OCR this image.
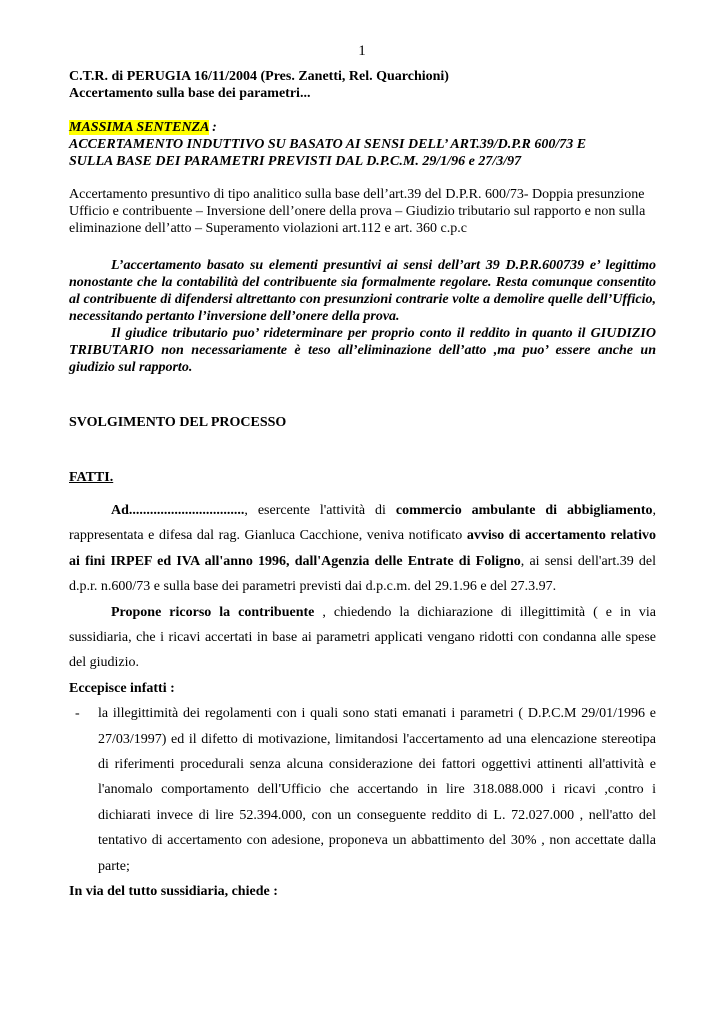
1
C.T.R. di PERUGIA 16/11/2004 (Pres. Zanetti, Rel. Quarchioni)
Accertamento sulla base dei parametri...
MASSIMA SENTENZA :
ACCERTAMENTO INDUTTIVO SU BASATO AI SENSI DELL’ ART.39/D.P.R 600/73 E
SULLA BASE DEI PARAMETRI PREVISTI DAL D.P.C.M. 29/1/96 e 27/3/97
Accertamento presuntivo di tipo analitico sulla base dell’art.39 del D.P.R. 600/73- Doppia presunzione Ufficio e contribuente – Inversione dell’onere della prova – Giudizio tributario sul rapporto e non sulla eliminazione dell’atto – Superamento violazioni art.112 e art. 360 c.p.c

L’accertamento basato su elementi presuntivi ai sensi dell’art 39 D.P.R.600739 e’ legittimo nonostante che la contabilità del contribuente sia formalmente regolare. Resta comunque consentito al contribuente di difendersi altrettanto con presunzioni contrarie volte a demolire quelle dell’Ufficio, necessitando pertanto l’inversione dell’onere della prova.

Il giudice tributario puo’ rideterminare per proprio conto il reddito in quanto il GIUDIZIO TRIBUTARIO non necessariamente è teso all’eliminazione dell’atto ,ma puo’ essere anche un giudizio sul rapporto.

SVOLGIMENTO DEL PROCESSO
FATTI.

Ad................................., esercente l'attività di commercio ambulante di abbigliamento, rappresentata e difesa dal rag. Gianluca Cacchione, veniva notificato avviso di accertamento relativo ai fini IRPEF ed IVA all'anno 1996, dall'Agenzia delle Entrate di Foligno, ai sensi dell'art.39 del d.p.r. n.600/73 e sulla base dei parametri previsti dai d.p.c.m. del 29.1.96 e del 27.3.97.

Propone ricorso la contribuente , chiedendo la dichiarazione di illegittimità ( e in via sussidiaria, che i ricavi accertati in base ai parametri applicati vengano ridotti con condanna alle spese del giudizio.

Eccepisce infatti :

- la illegittimità dei regolamenti con i quali sono stati emanati i parametri ( D.P.C.M 29/01/1996 e 27/03/1997) ed il difetto di motivazione, limitandosi l'accertamento ad una elencazione stereotipa di riferimenti procedurali senza alcuna considerazione dei fattori oggettivi attinenti all'attività e l'anomalo comportamento dell'Ufficio che accertando in lire 318.088.000 i ricavi ,contro i dichiarati invece di lire 52.394.000, con un conseguente reddito di L. 72.027.000 , nell'atto del tentativo di accertamento con adesione, proponeva un abbattimento del 30% , non accettate dalla parte;

In via del tutto sussidiaria, chiede :
